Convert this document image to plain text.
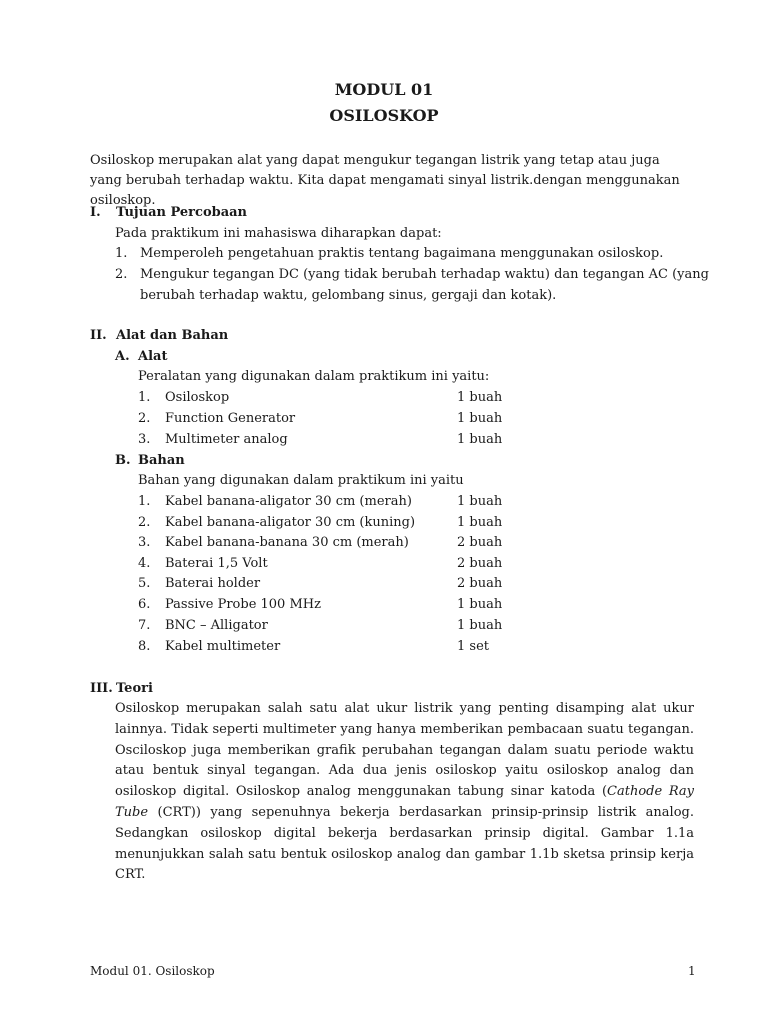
MODUL 01
OSILOSKOP

Osiloskop merupakan alat yang dapat mengukur tegangan listrik yang tetap atau juga yang berubah terhadap waktu. Kita dapat mengamati sinyal listrik.dengan menggunakan osiloskop.

I. Tujuan Percobaan
Pada praktikum ini mahasiswa diharapkan dapat:
1. Memperoleh pengetahuan praktis tentang bagaimana menggunakan osiloskop.
2. Mengukur tegangan DC (yang tidak berubah terhadap waktu) dan tegangan AC (yang
berubah terhadap waktu, gelombang sinus, gergaji dan kotak).
II. Alat dan Bahan
A. Alat
Peralatan yang digunakan dalam praktikum ini yaitu:
1. Osiloskop	1 buah
2. Function Generator	1 buah
3. Multimeter analog	1 buah
B. Bahan
Bahan yang digunakan dalam praktikum ini yaitu
1. Kabel banana-aligator 30 cm (merah)	1 buah
2. Kabel banana-aligator 30 cm (kuning)	1 buah
3. Kabel banana-banana 30 cm (merah)	2 buah
4. Baterai 1,5 Volt	2 buah
5. Baterai holder	2 buah
6. Passive Probe 100 MHz	1 buah
7. BNC – Alligator	1 buah
8. Kabel multimeter	1 set
III. Teori

Osiloskop merupakan salah satu alat ukur listrik yang penting disamping alat ukur lainnya. Tidak seperti multimeter yang hanya memberikan pembacaan suatu tegangan. Osciloskop juga memberikan grafik perubahan tegangan dalam suatu periode waktu atau bentuk sinyal tegangan. Ada dua jenis osiloskop yaitu osiloskop analog dan osiloskop digital. Osiloskop analog menggunakan tabung sinar katoda (Cathode Ray Tube (CRT)) yang sepenuhnya bekerja berdasarkan prinsip-prinsip listrik analog. Sedangkan osiloskop digital bekerja berdasarkan prinsip digital. Gambar 1.1a menunjukkan salah satu bentuk osiloskop analog dan gambar 1.1b sketsa prinsip kerja CRT.

Modul 01. Osiloskop	1
